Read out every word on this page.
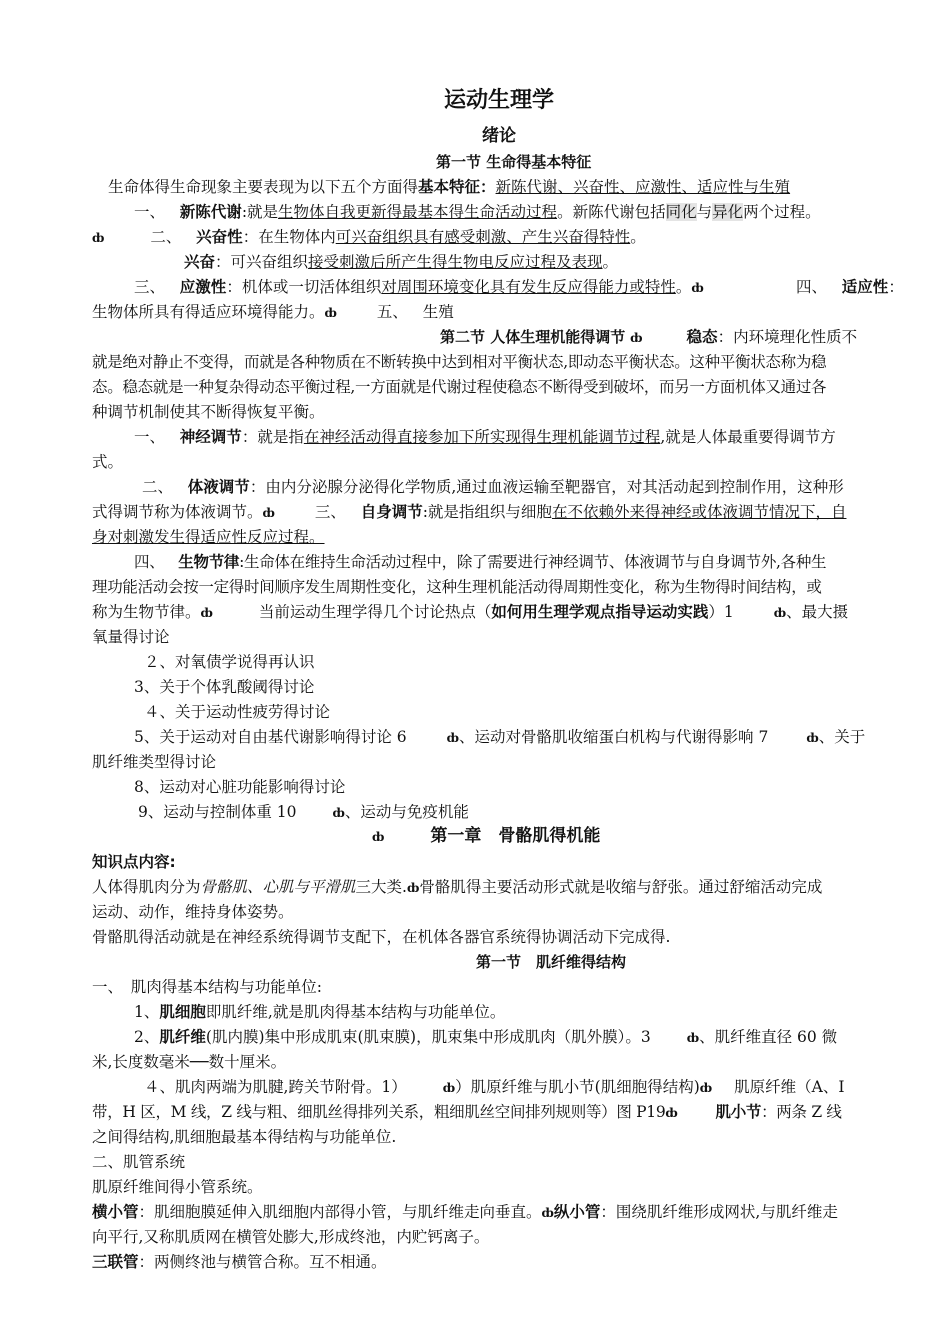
运动生理学
绪论
第一节 生命得基本特征
生命体得生命现象主要表现为以下五个方面得基本特征：新陈代谢、兴奋性、应激性、适应性与生殖
一、 新陈代谢:就是生物体自我更新得最基本得生命活动过程。新陈代谢包括同化与异化两个过程。
ȸ	二、 兴奋性：在生物体内可兴奋组织具有感受刺激、产生兴奋得特性。
兴奋：可兴奋组织接受刺激后所产生得生物电反应过程及表现。
三、 应激性：机体或一切活体组织对周围环境变化具有发生反应得能力或特性。ȸ	四、 适应性：
生物体所具有得适应环境得能力。ȸ	五、 生殖
第二节 人体生理机能得调节 ȸ	稳态：内环境理化性质不
就是绝对静止不变得，而就是各种物质在不断转换中达到相对平衡状态,即动态平衡状态。这种平衡状态称为稳
态。稳态就是一种复杂得动态平衡过程,一方面就是代谢过程使稳态不断得受到破坏，而另一方面机体又通过各
种调节机制使其不断得恢复平衡。
一、 神经调节：就是指在神经活动得直接参加下所实现得生理机能调节过程,就是人体最重要得调节方
式。
二、 体液调节：由内分泌腺分泌得化学物质,通过血液运输至靶器官，对其活动起到控制作用，这种形
式得调节称为体液调节。ȸ	三、 自身调节:就是指组织与细胞在不依赖外来得神经或体液调节情况下，自
身对刺激发生得适应性反应过程。
四、 生物节律:生命体在维持生命活动过程中，除了需要进行神经调节、体液调节与自身调节外,各种生
理功能活动会按一定得时间顺序发生周期性变化，这种生理机能活动得周期性变化，称为生物得时间结构，或
称为生物节律。ȸ	当前运动生理学得几个讨论热点（如何用生理学观点指导运动实践）1	ȸ、最大摄
氧量得讨论
２、对氧债学说得再认识
3、关于个体乳酸阈得讨论
４、关于运动性疲劳得讨论
5、关于运动对自由基代谢影响得讨论 6	ȸ、运动对骨骼肌收缩蛋白机构与代谢得影响 7	ȸ、关于
肌纤维类型得讨论
8、运动对心脏功能影响得讨论
9、运动与控制体重 10	ȸ、运动与免疫机能
ȸ	第一章　骨骼肌得机能
知识点内容:
人体得肌肉分为骨骼肌、心肌与平滑肌三大类.ȸ骨骼肌得主要活动形式就是收缩与舒张。通过舒缩活动完成
运动、动作，维持身体姿势。
骨骼肌得活动就是在神经系统得调节支配下，在机体各器官系统得协调活动下完成得.
第一节　肌纤维得结构
一、　肌肉得基本结构与功能单位:
1、肌细胞即肌纤维,就是肌肉得基本结构与功能单位。
2、肌纤维(肌内膜)集中形成肌束(肌束膜)，肌束集中形成肌肉（肌外膜）。3	ȸ、肌纤维直径 60 微
米,长度数毫米──数十厘米。
４、肌肉两端为肌腱,跨关节附骨。1）	ȸ）肌原纤维与肌小节(肌细胞得结构)ȸ 肌原纤维（A、I
带，H 区，M 线，Z 线与粗、细肌丝得排列关系，粗细肌丝空间排列规则等）图 P19ȸ 肌小节：两条 Z 线
之间得结构,肌细胞最基本得结构与功能单位.
二、肌管系统
肌原纤维间得小管系统。
横小管：肌细胞膜延伸入肌细胞内部得小管，与肌纤维走向垂直。ȸ纵小管：围绕肌纤维形成网状,与肌纤维走
向平行,又称肌质网在横管处膨大,形成终池，内贮钙离子。
三联管：两侧终池与横管合称。互不相通。
